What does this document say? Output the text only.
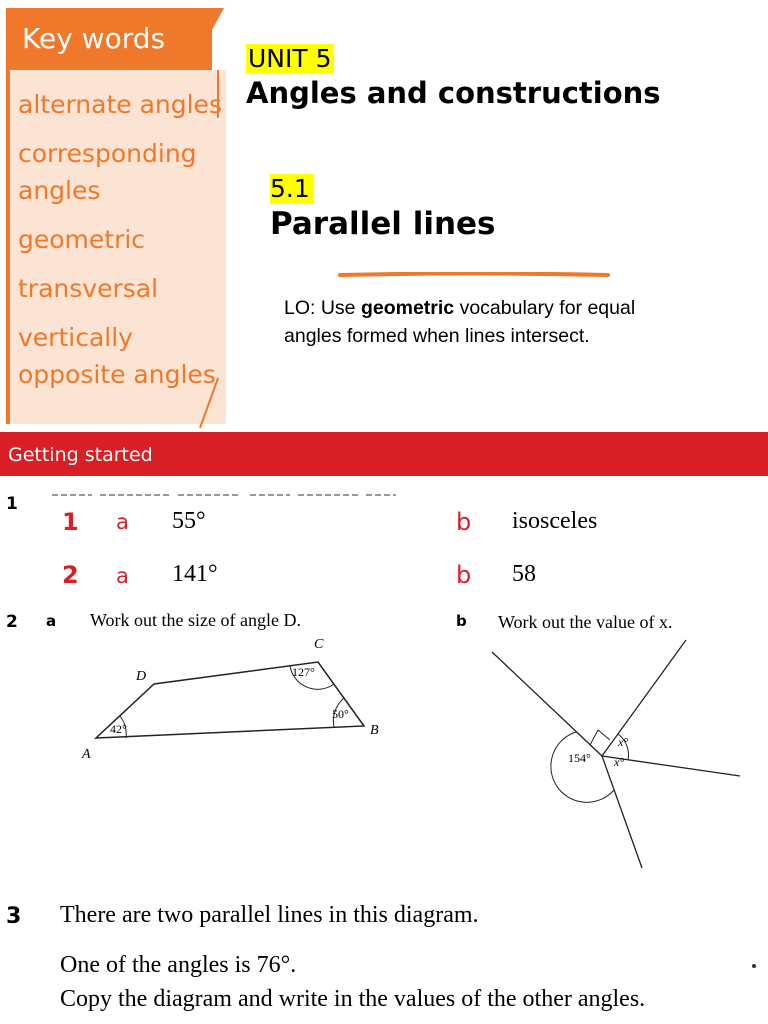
Key words
alternate angles
corresponding
angles
geometric
transversal
vertically
opposite angles
UNIT 5
Angles and constructions
5.1
Parallel lines
LO: Use geometric vocabulary for equal angles formed when lines intersect.
Getting started
1
1 a 55°	b isosceles
2 a 141°	b 58
2 a Work out the size of angle D.	b Work out the value of x.
A
B
C
D
42°
50°
127°
154°
x°
x°
3 There are two parallel lines in this diagram.
One of the angles is 76°.
Copy the diagram and write in the values of the other angles.
